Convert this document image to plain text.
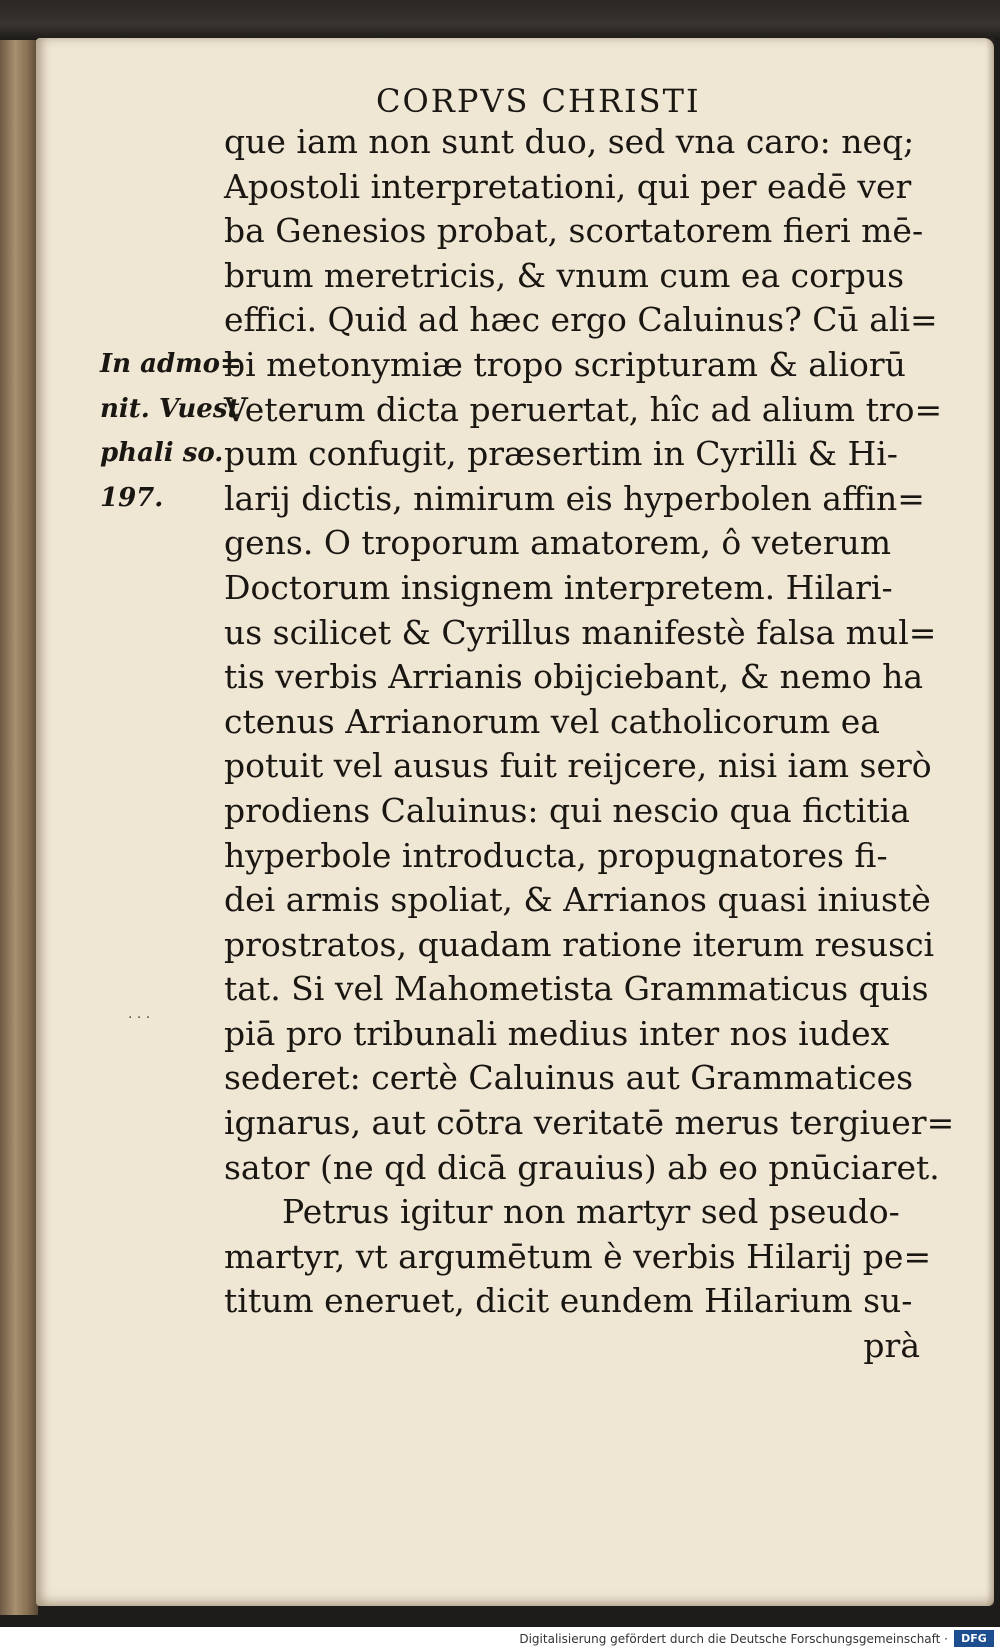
CORPVS CHRISTI
In admo=
nit. Vuest
phali so.
197.
que iam non sunt duo, sed vna caro: neq;
Apostoli interpretationi, qui per eadē ver
ba Genesios probat, scortatorem fieri mē-
brum meretricis, & vnum cum ea corpus
effici. Quid ad hæc ergo Caluinus? Cū ali=
bi metonymiæ tropo scripturam & aliorū
Veterum dicta peruertat, hîc ad alium tro=
pum confugit, præsertim in Cyrilli & Hi-
larij dictis, nimirum eis hyperbolen affin=
gens. O troporum amatorem, ô veterum
Doctorum insignem interpretem. Hilari-
us scilicet & Cyrillus manifestè falsa mul=
tis verbis Arrianis obijciebant, & nemo ha
ctenus Arrianorum vel catholicorum ea
potuit vel ausus fuit reijcere, nisi iam serò
prodiens Caluinus: qui nescio qua fictitia
hyperbole introducta, propugnatores fi-
dei armis spoliat, & Arrianos quasi iniustè
prostratos, quadam ratione iterum resusci
tat. Si vel Mahometista Grammaticus quis
piā pro tribunali medius inter nos iudex
sederet: certè Caluinus aut Grammatices
ignarus, aut cōtra veritatē merus tergiuer=
sator (ne qd dicā grauius) ab eo pnūciaret.
Petrus igitur non martyr sed pseudo-
martyr, vt argumētum è verbis Hilarij pe=
titum eneruet, dicit eundem Hilarium su-
prà
· · ·
Digitalisierung gefördert durch die Deutsche Forschungsgemeinschaft ·	DFG
